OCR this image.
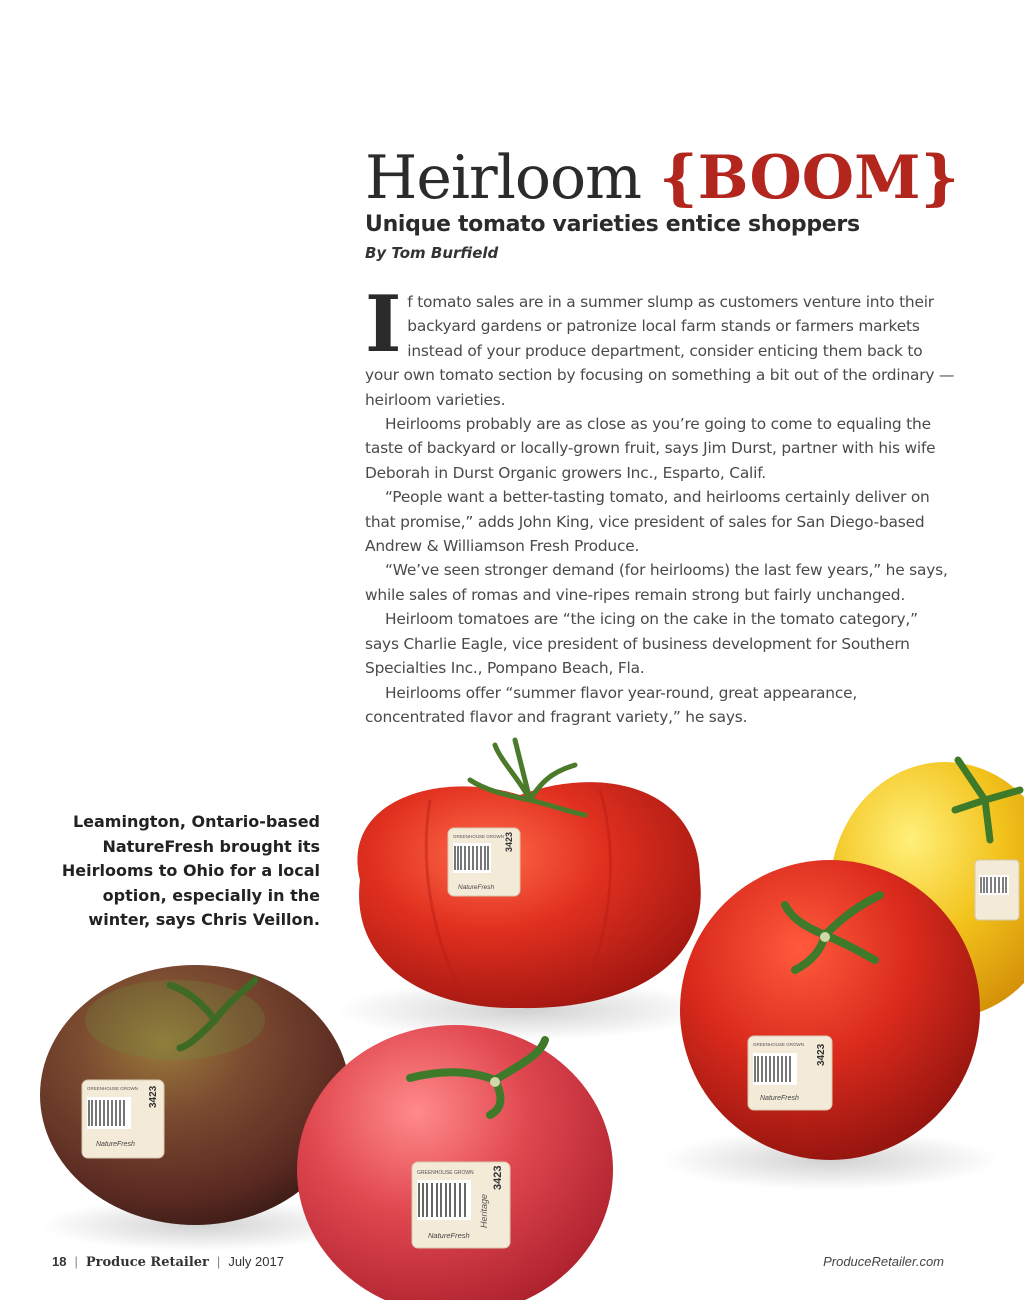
Heirloom {BOOM}
Unique tomato varieties entice shoppers
By Tom Burfield

If tomato sales are in a summer slump as customers venture into their backyard gardens or patronize local farm stands or farmers markets instead of your produce department, consider enticing them back to your own tomato section by focusing on something a bit out of the ordinary — heirloom varieties.

Heirlooms probably are as close as you’re going to come to equaling the taste of backyard or locally-grown fruit, says Jim Durst, partner with his wife Deborah in Durst Organic growers Inc., Esparto, Calif.

“People want a better-tasting tomato, and heirlooms certainly deliver on that promise,” adds John King, vice president of sales for San Diego-based Andrew & Williamson Fresh Produce.

“We’ve seen stronger demand (for heirlooms) the last few years,” he says, while sales of romas and vine-ripes remain strong but fairly unchanged.

Heirloom tomatoes are “the icing on the cake in the tomato category,” says Charlie Eagle, vice president of business development for Southern Specialties Inc., Pompano Beach, Fla.

Heirlooms offer “summer flavor year-round, great appearance, concentrated flavor and fragrant variety,” he says.

Leamington, Ontario-based NatureFresh brought its Heirlooms to Ohio for a local option, especially in the winter, says Chris Veillon.
GREENHOUSE GROWN 3423
NatureFresh
GREENHOUSE GROWN 3423
NatureFresh
GREENHOUSE GROWN 3423
NatureFresh
GREENHOUSE GROWN 3423
Heritage
NatureFresh
18 | Produce Retailer | July 2017	ProduceRetailer.com
